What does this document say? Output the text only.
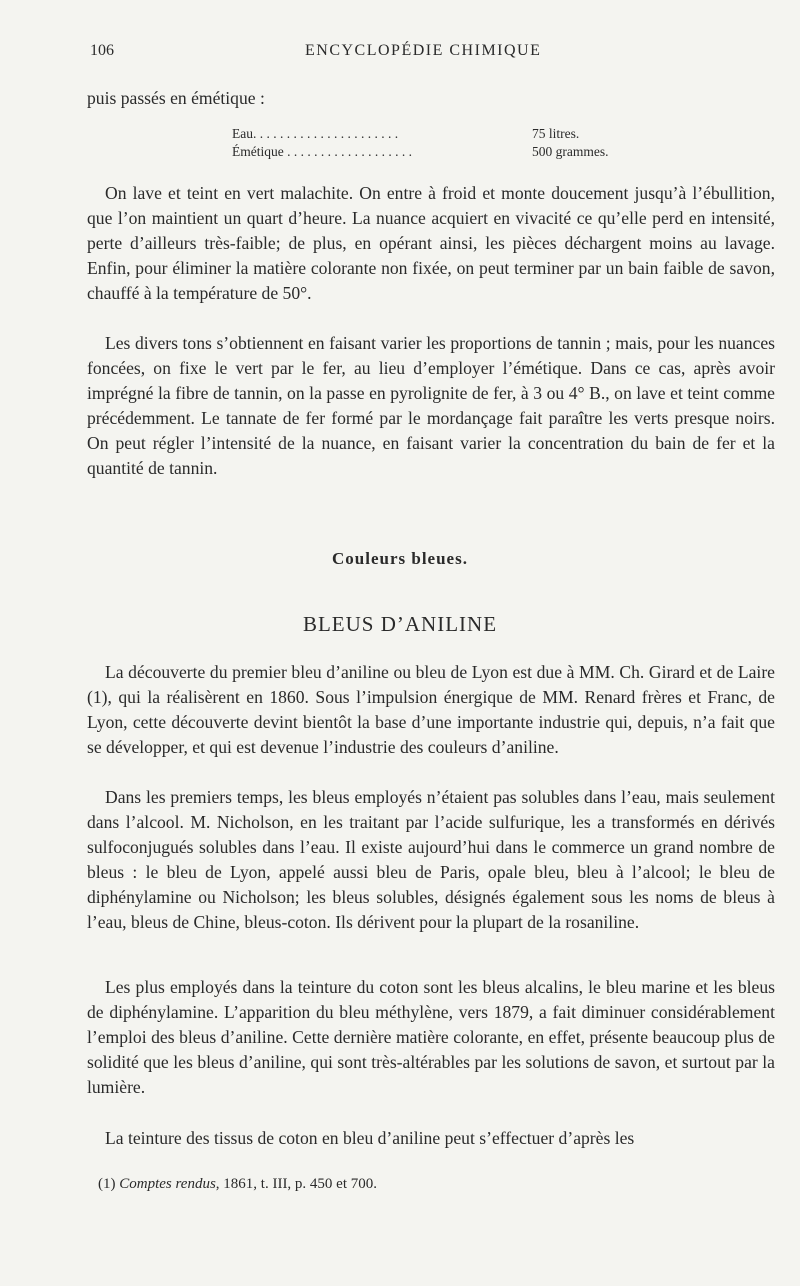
106	ENCYCLOPÉDIE CHIMIQUE
puis passés en émétique :
Eau. . . . . . . . . . . . . . . . . . . . . .	75 litres.
Émétique . . . . . . . . . . . . . . . . . . .	500 grammes.
On lave et teint en vert malachite. On entre à froid et monte doucement jusqu’à l’ébullition, que l’on maintient un quart d’heure. La nuance acquiert en vivacité ce qu’elle perd en intensité, perte d’ailleurs très-faible; de plus, en opérant ainsi, les pièces déchargent moins au lavage. Enfin, pour éliminer la matière colorante non fixée, on peut terminer par un bain faible de savon, chauffé à la température de 50°.
Les divers tons s’obtiennent en faisant varier les proportions de tannin ; mais, pour les nuances foncées, on fixe le vert par le fer, au lieu d’employer l’émétique. Dans ce cas, après avoir imprégné la fibre de tannin, on la passe en pyrolignite de fer, à 3 ou 4° B., on lave et teint comme précédemment. Le tannate de fer formé par le mordançage fait paraître les verts presque noirs. On peut régler l’intensité de la nuance, en faisant varier la concentration du bain de fer et la quantité de tannin.
Couleurs bleues.
BLEUS D’ANILINE
La découverte du premier bleu d’aniline ou bleu de Lyon est due à MM. Ch. Girard et de Laire (1), qui la réalisèrent en 1860. Sous l’impulsion énergique de MM. Renard frères et Franc, de Lyon, cette découverte devint bientôt la base d’une importante industrie qui, depuis, n’a fait que se développer, et qui est devenue l’industrie des couleurs d’aniline.
Dans les premiers temps, les bleus employés n’étaient pas solubles dans l’eau, mais seulement dans l’alcool. M. Nicholson, en les traitant par l’acide sulfurique, les a transformés en dérivés sulfoconjugués solubles dans l’eau. Il existe aujourd’hui dans le commerce un grand nombre de bleus : le bleu de Lyon, appelé aussi bleu de Paris, opale bleu, bleu à l’alcool; le bleu de diphénylamine ou Nicholson; les bleus solubles, désignés également sous les noms de bleus à l’eau, bleus de Chine, bleus-coton. Ils dérivent pour la plupart de la rosaniline.
Les plus employés dans la teinture du coton sont les bleus alcalins, le bleu marine et les bleus de diphénylamine. L’apparition du bleu méthylène, vers 1879, a fait diminuer considérablement l’emploi des bleus d’aniline. Cette dernière matière colorante, en effet, présente beaucoup plus de solidité que les bleus d’aniline, qui sont très-altérables par les solutions de savon, et surtout par la lumière.
La teinture des tissus de coton en bleu d’aniline peut s’effectuer d’après les
(1) Comptes rendus, 1861, t. III, p. 450 et 700.
